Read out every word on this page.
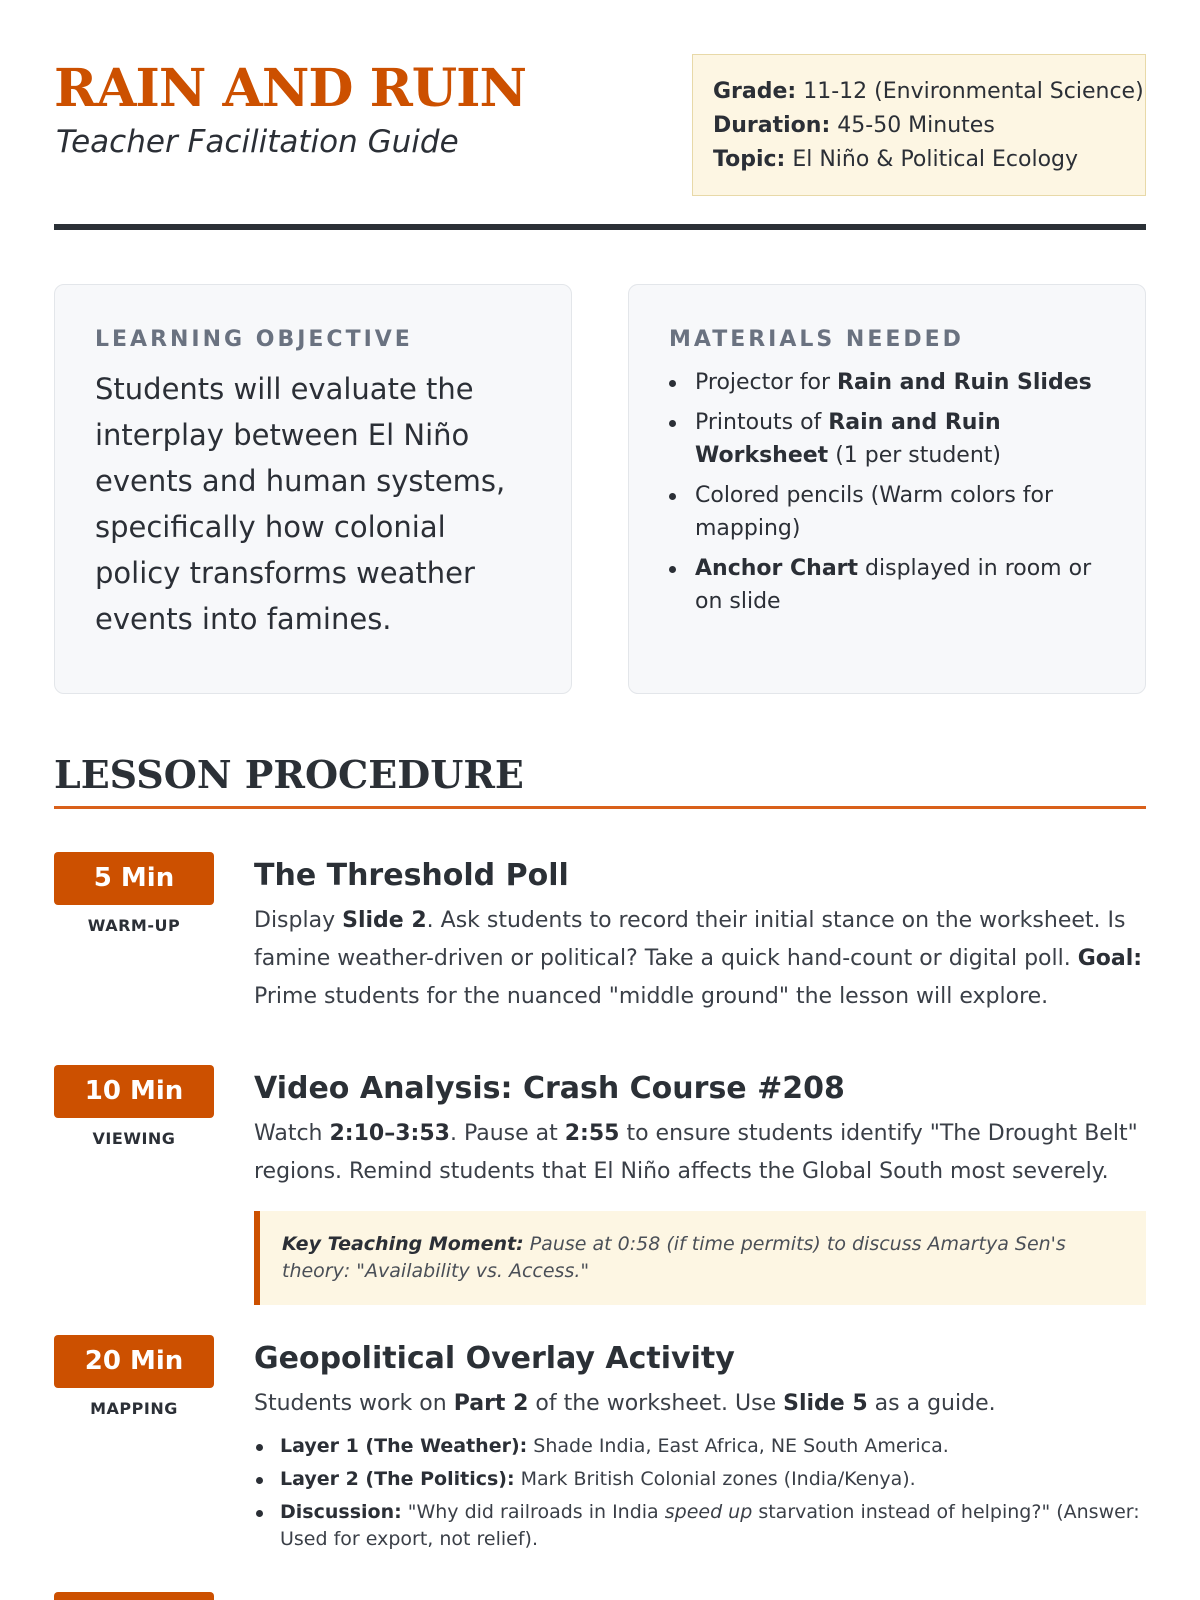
RAIN AND RUIN
Teacher Facilitation Guide
Grade: 11-12 (Environmental Science)
Duration: 45-50 Minutes
Topic: El Niño & Political Ecology
LEARNING OBJECTIVE

Students will evaluate the interplay between El Niño events and human systems, specifically how colonial policy transforms weather events into famines.

MATERIALS NEEDED
Projector for Rain and Ruin Slides
Printouts of Rain and Ruin Worksheet (1 per student)
Colored pencils (Warm colors for mapping)
Anchor Chart displayed in room or on slide
LESSON PROCEDURE
5 Min
WARM-UP
The Threshold Poll

Display Slide 2. Ask students to record their initial stance on the worksheet. Is famine weather-driven or political? Take a quick hand-count or digital poll. Goal: Prime students for the nuanced "middle ground" the lesson will explore.

10 Min
VIEWING
Video Analysis: Crash Course #208

Watch 2:10–3:53. Pause at 2:55 to ensure students identify "The Drought Belt" regions. Remind students that El Niño affects the Global South most severely.

Key Teaching Moment: Pause at 0:58 (if time permits) to discuss Amartya Sen's theory: "Availability vs. Access."
20 Min
MAPPING
Geopolitical Overlay Activity

Students work on Part 2 of the worksheet. Use Slide 5 as a guide.

Layer 1 (The Weather): Shade India, East Africa, NE South America.
Layer 2 (The Politics): Mark British Colonial zones (India/Kenya).
Discussion: "Why did railroads in India speed up starvation instead of helping?" (Answer: Used for export, not relief).
